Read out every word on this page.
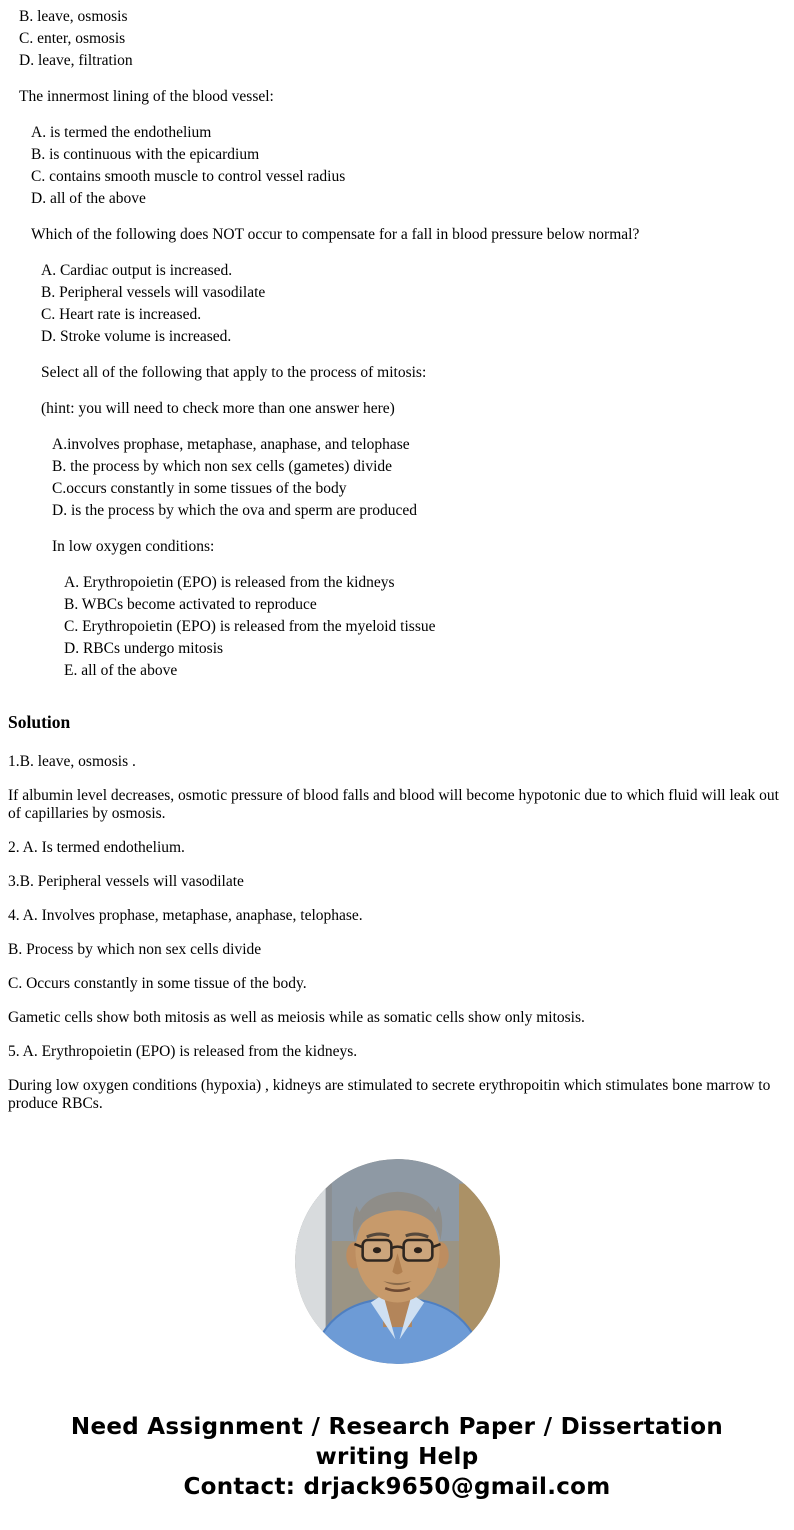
B. leave, osmosis
C. enter, osmosis
D. leave, filtration
The innermost lining of the blood vessel:
A. is termed the endothelium
B. is continuous with the epicardium
C. contains smooth muscle to control vessel radius
D. all of the above
Which of the following does NOT occur to compensate for a fall in blood pressure below normal?
A. Cardiac output is increased.
B. Peripheral vessels will vasodilate
C. Heart rate is increased.
D. Stroke volume is increased.
Select all of the following that apply to the process of mitosis:
(hint: you will need to check more than one answer here)
A.involves prophase, metaphase, anaphase, and telophase
B. the process by which non sex cells (gametes) divide
C.occurs constantly in some tissues of the body
D. is the process by which the ova and sperm are produced
In low oxygen conditions:
A. Erythropoietin (EPO) is released from the kidneys
B. WBCs become activated to reproduce
C. Erythropoietin (EPO) is released from the myeloid tissue
D. RBCs undergo mitosis
E. all of the above
Solution

1.B. leave, osmosis .

If albumin level decreases, osmotic pressure of blood falls and blood will become hypotonic due to which fluid will leak out of capillaries by osmosis.

2. A. Is termed endothelium.

3.B. Peripheral vessels will vasodilate

4. A. Involves prophase, metaphase, anaphase, telophase.

B. Process by which non sex cells divide

C. Occurs constantly in some tissue of the body.

Gametic cells show both mitosis as well as meiosis while as somatic cells show only mitosis.

5. A. Erythropoietin (EPO) is released from the kidneys.

During low oxygen conditions (hypoxia) , kidneys are stimulated to secrete erythropoitin which stimulates bone marrow to produce RBCs.

Need Assignment / Research Paper / Dissertation
writing Help
Contact: drjack9650@gmail.com
